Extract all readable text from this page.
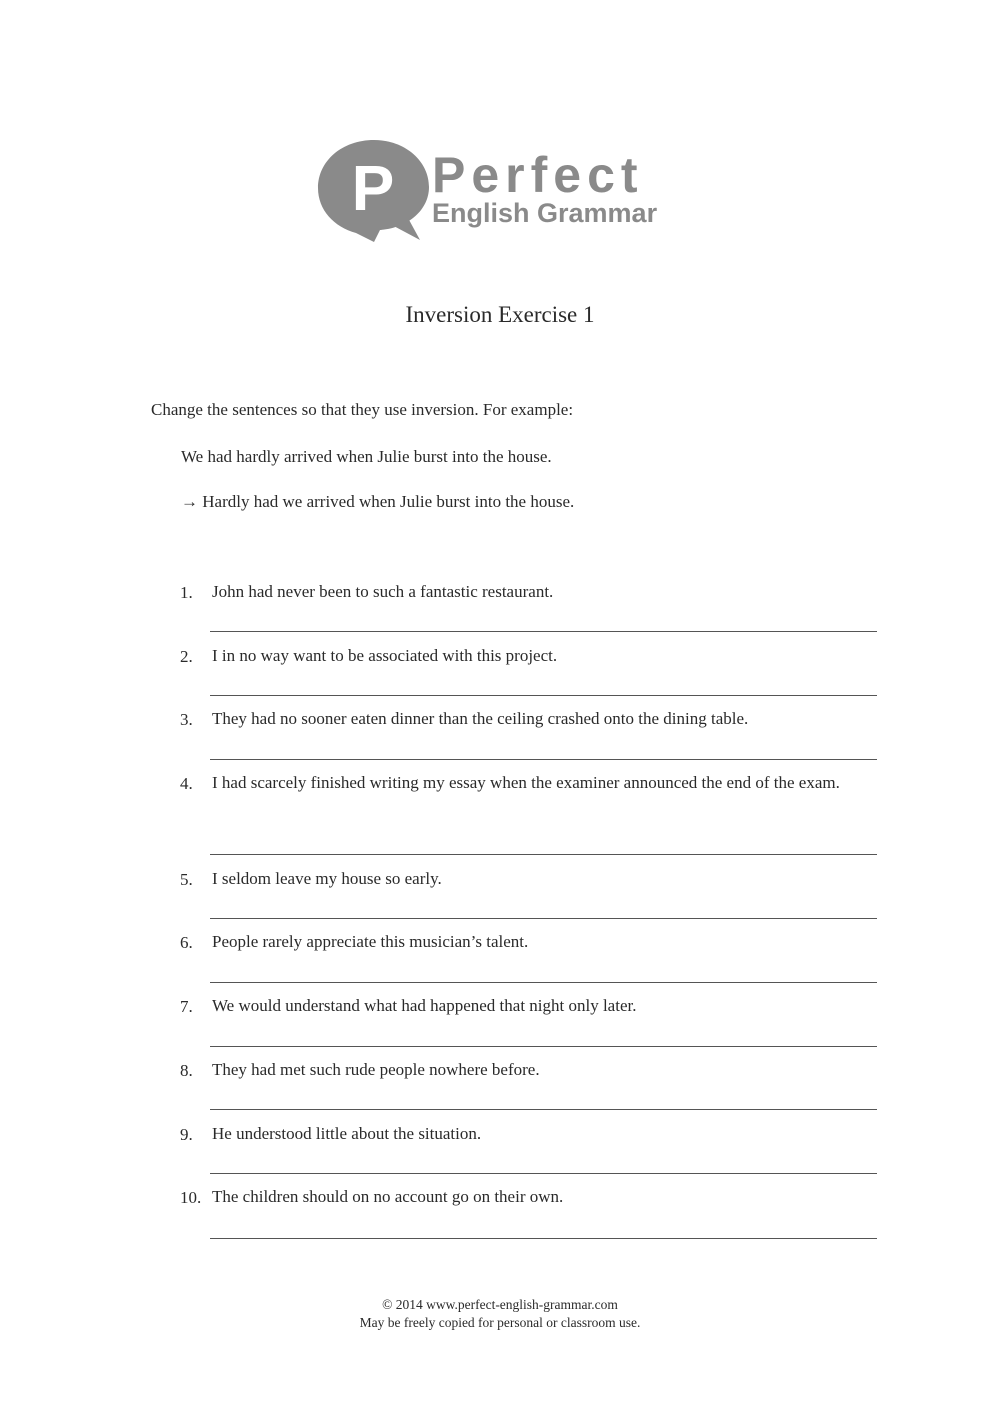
P Perfect
English Grammar
Inversion Exercise 1
Change the sentences so that they use inversion. For example:
We had hardly arrived when Julie burst into the house.
→ Hardly had we arrived when Julie burst into the house.
1. John had never been to such a fantastic restaurant.
2. I in no way want to be associated with this project.
3. They had no sooner eaten dinner than the ceiling crashed onto the dining table.
4. I had scarcely finished writing my essay when the examiner announced the end of the exam.
5. I seldom leave my house so early.
6. People rarely appreciate this musician’s talent.
7. We would understand what had happened that night only later.
8. They had met such rude people nowhere before.
9. He understood little about the situation.
10. The children should on no account go on their own.
© 2014 www.perfect-english-grammar.com
May be freely copied for personal or classroom use.
